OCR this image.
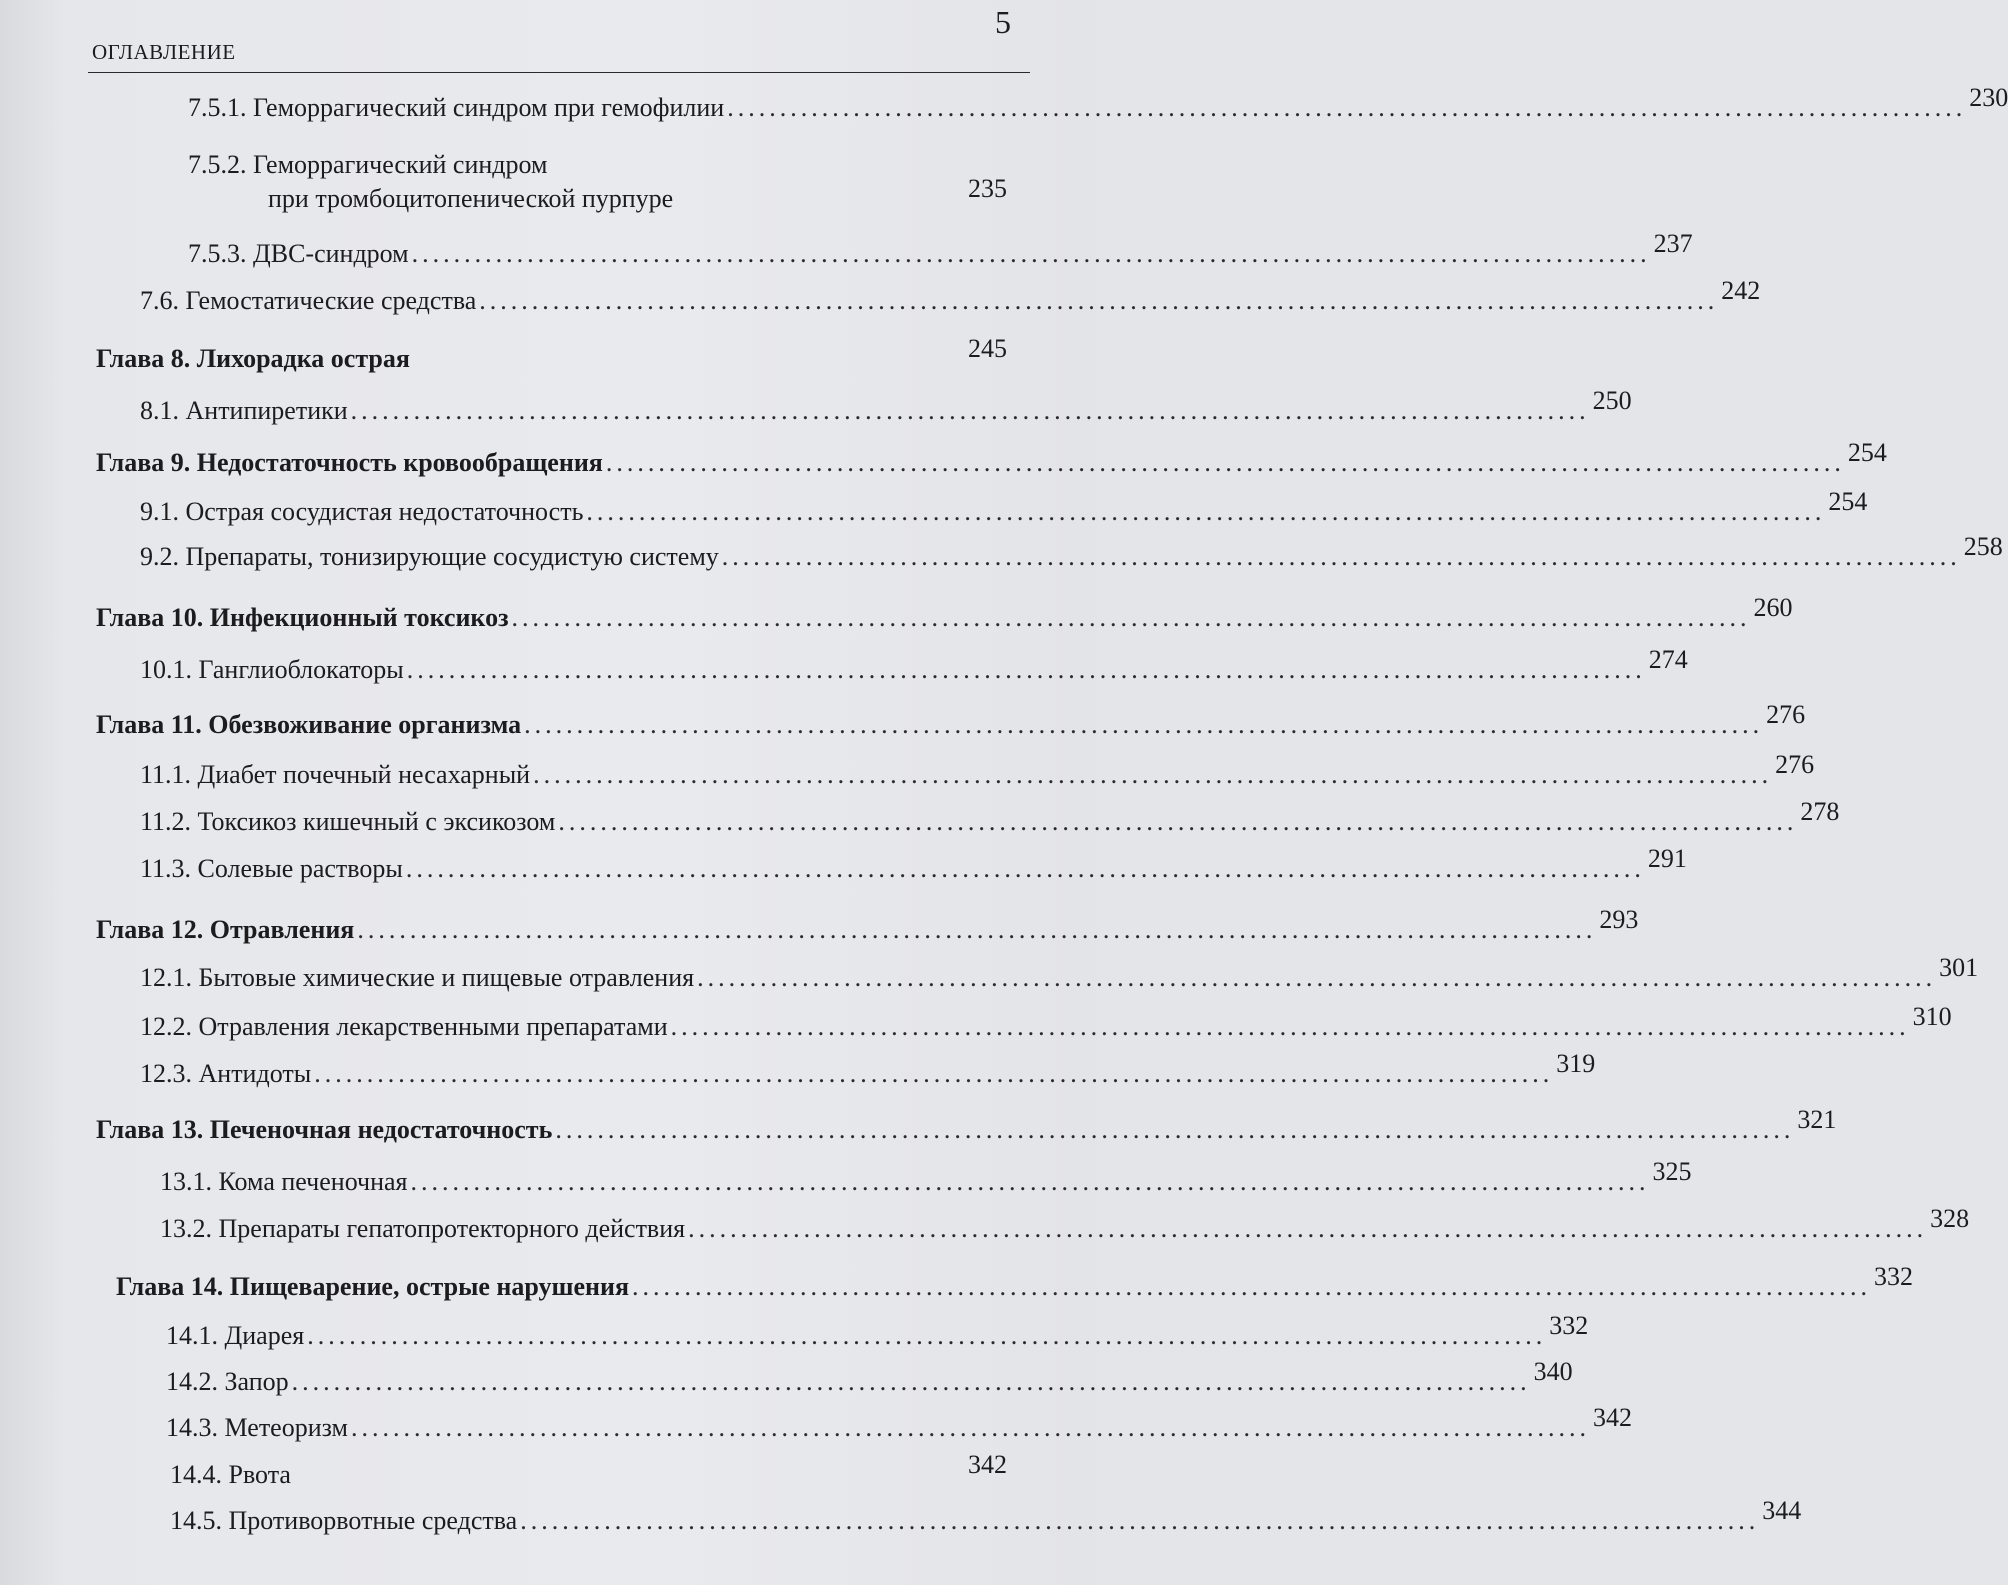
5
ОГЛАВЛЕНИЕ
7.5.1. Геморрагический синдром при гемофилии ...................................................................................................................... 230
7.5.2. Геморрагический синдром
при тромбоцитопенической пурпуре	235
7.5.3. ДВС-синдром ...................................................................................................................... 237
7.6. Гемостатические средства ...................................................................................................................... 242
Глава 8. Лихорадка острая	245
8.1. Антипиретики ...................................................................................................................... 250
Глава 9. Недостаточность кровообращения ...................................................................................................................... 254
9.1. Острая сосудистая недостаточность ...................................................................................................................... 254
9.2. Препараты, тонизирующие сосудистую систему ...................................................................................................................... 258
Глава 10. Инфекционный токсикоз ...................................................................................................................... 260
10.1. Ганглиоблокаторы ...................................................................................................................... 274
Глава 11. Обезвоживание организма ...................................................................................................................... 276
11.1. Диабет почечный несахарный ...................................................................................................................... 276
11.2. Токсикоз кишечный с эксикозом ...................................................................................................................... 278
11.3. Солевые растворы ...................................................................................................................... 291
Глава 12. Отравления ...................................................................................................................... 293
12.1. Бытовые химические и пищевые отравления ...................................................................................................................... 301
12.2. Отравления лекарственными препаратами ...................................................................................................................... 310
12.3. Антидоты ...................................................................................................................... 319
Глава 13. Печеночная недостаточность ...................................................................................................................... 321
13.1. Кома печеночная ...................................................................................................................... 325
13.2. Препараты гепатопротекторного действия ...................................................................................................................... 328
Глава 14. Пищеварение, острые нарушения ...................................................................................................................... 332
14.1. Диарея ...................................................................................................................... 332
14.2. Запор ...................................................................................................................... 340
14.3. Метеоризм ...................................................................................................................... 342
14.4. Рвота	342
14.5. Противорвотные средства ...................................................................................................................... 344
